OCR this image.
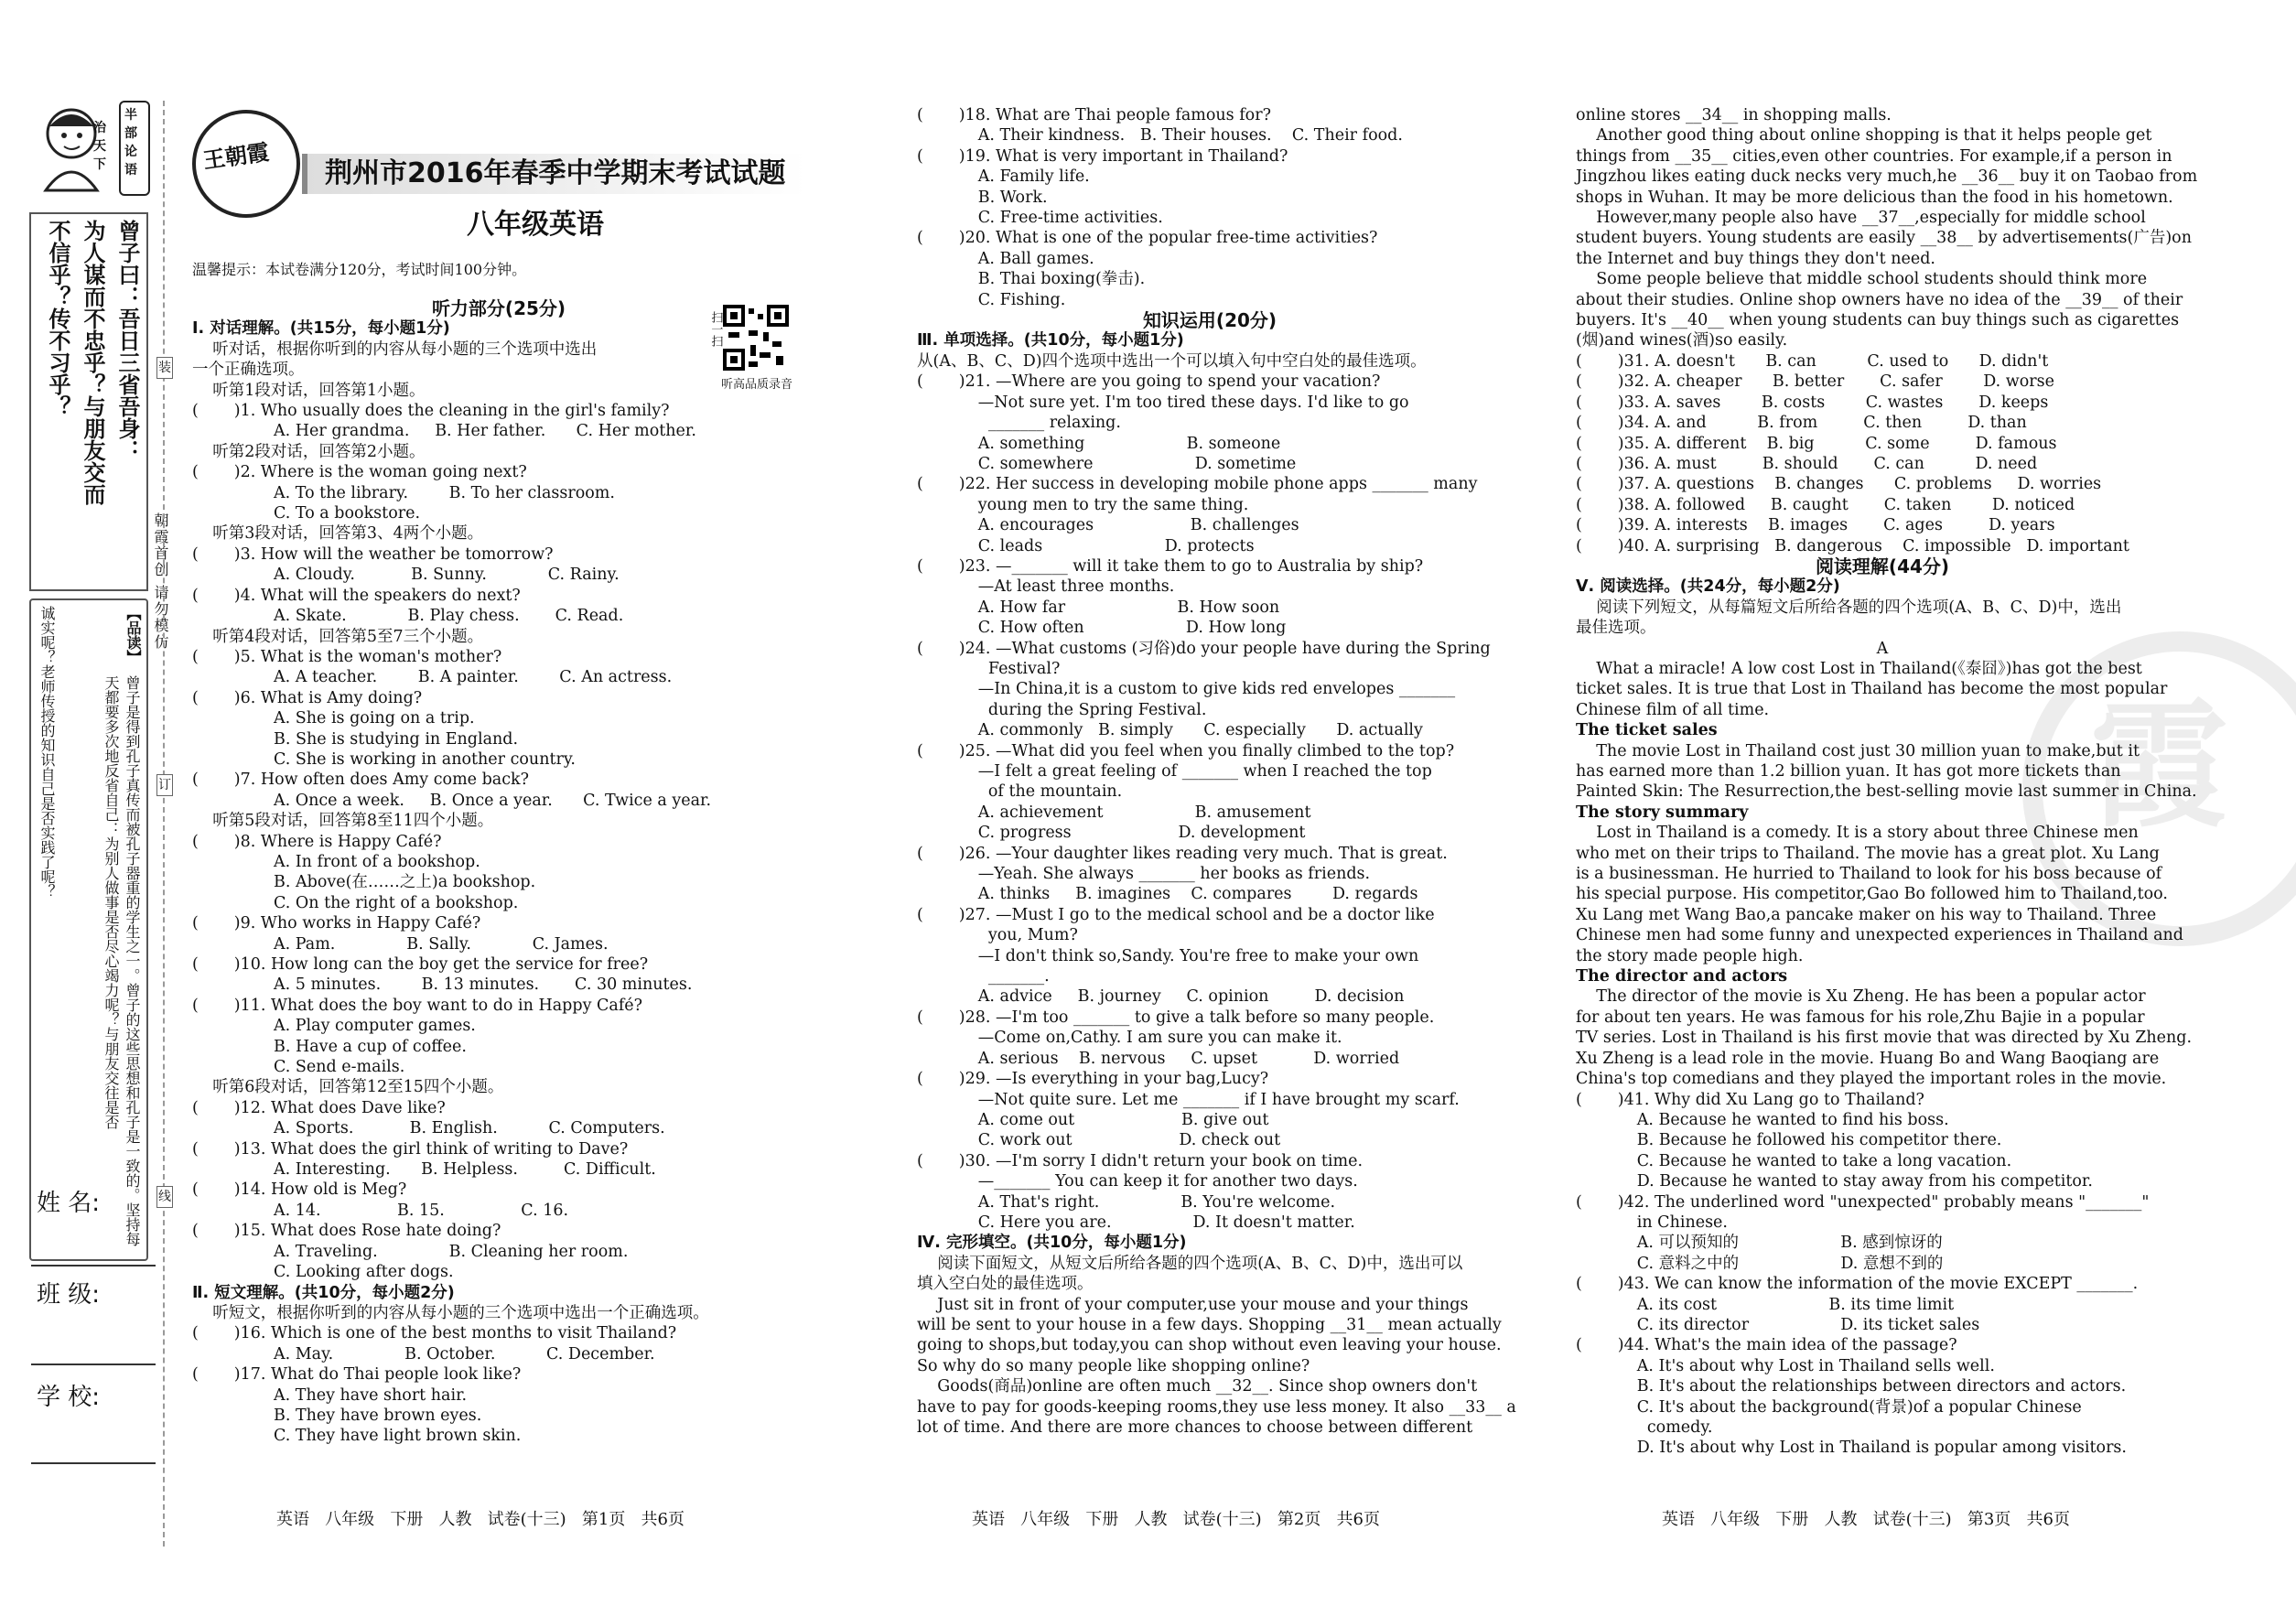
半
部
论
语
治
天
下
曾子曰：吾日三省吾身：
为人谋而不忠乎？与朋友交而
不信乎？传不习乎？
【品读】
曾子是得到孔子真传而被孔子器重的学生之一。曾子的这些思想和孔子是一致的。坚持每天都要多次地反省自己：为别人做事是否尽心竭力呢？与朋友交往是否
诚实呢？老师传授的知识自己是否实践了呢？
姓 名:
班 级:
学 校:
朝霞首创 请勿模仿
装
订
线
王朝霞 荆州市2016年春季中学期末考试试题
八年级英语
温馨提示：本试卷满分120分，考试时间100分钟。
扫一扫
听高品质录音
霞
听力部分(25分)
Ⅰ. 对话理解。(共15分，每小题1分)
听对话，根据你听到的内容从每小题的三个选项中选出
一个正确选项。
听第1段对话，回答第1小题。
(       )1. Who usually does the cleaning in the girl's family?
A. Her grandma.     B. Her father.      C. Her mother.
听第2段对话，回答第2小题。
(       )2. Where is the woman going next?
A. To the library.        B. To her classroom.
C. To a bookstore.
听第3段对话，回答第3、4两个小题。
(       )3. How will the weather be tomorrow?
A. Cloudy.           B. Sunny.            C. Rainy.
(       )4. What will the speakers do next?
A. Skate.            B. Play chess.       C. Read.
听第4段对话，回答第5至7三个小题。
(       )5. What is the woman's mother?
A. A teacher.        B. A painter.        C. An actress.
(       )6. What is Amy doing?
A. She is going on a trip.
B. She is studying in England.
C. She is working in another country.
(       )7. How often does Amy come back?
A. Once a week.     B. Once a year.      C. Twice a year.
听第5段对话，回答第8至11四个小题。
(       )8. Where is Happy Café?
A. In front of a bookshop.
B. Above(在……之上)a bookshop.
C. On the right of a bookshop.
(       )9. Who works in Happy Café?
A. Pam.              B. Sally.            C. James.
(       )10. How long can the boy get the service for free?
A. 5 minutes.        B. 13 minutes.       C. 30 minutes.
(       )11. What does the boy want to do in Happy Café?
A. Play computer games.
B. Have a cup of coffee.
C. Send e-mails.
听第6段对话，回答第12至15四个小题。
(       )12. What does Dave like?
A. Sports.           B. English.          C. Computers.
(       )13. What does the girl think of writing to Dave?
A. Interesting.      B. Helpless.         C. Difficult.
(       )14. How old is Meg?
A. 14.               B. 15.               C. 16.
(       )15. What does Rose hate doing?
A. Traveling.              B. Cleaning her room.
C. Looking after dogs.
Ⅱ. 短文理解。(共10分，每小题2分)
听短文，根据你听到的内容从每小题的三个选项中选出一个正确选项。
(       )16. Which is one of the best months to visit Thailand?
A. May.              B. October.          C. December.
(       )17. What do Thai people look like?
A. They have short hair.
B. They have brown eyes.
C. They have light brown skin.
(       )18. What are Thai people famous for?
A. Their kindness.   B. Their houses.    C. Their food.
(       )19. What is very important in Thailand?
A. Family life.
B. Work.
C. Free-time activities.
(       )20. What is one of the popular free-time activities?
A. Ball games.
B. Thai boxing(拳击).
C. Fishing.
知识运用(20分)
Ⅲ. 单项选择。(共10分，每小题1分)
从(A、B、C、D)四个选项中选出一个可以填入句中空白处的最佳选项。
(       )21. —Where are you going to spend your vacation?
—Not sure yet. I'm too tired these days. I'd like to go
_______ relaxing.
A. something                    B. someone
C. somewhere                    D. sometime
(       )22. Her success in developing mobile phone apps _______ many
young men to try the same thing.
A. encourages                   B. challenges
C. leads                        D. protects
(       )23. —_______ will it take them to go to Australia by ship?
—At least three months.
A. How far                      B. How soon
C. How often                    D. How long
(       )24. —What customs (习俗)do your people have during the Spring
Festival?
—In China,it is a custom to give kids red envelopes _______
during the Spring Festival.
A. commonly   B. simply      C. especially      D. actually
(       )25. —What did you feel when you finally climbed to the top?
—I felt a great feeling of _______ when I reached the top
of the mountain.
A. achievement                  B. amusement
C. progress                     D. development
(       )26. —Your daughter likes reading very much. That is great.
—Yeah. She always _______ her books as friends.
A. thinks     B. imagines    C. compares        D. regards
(       )27. —Must I go to the medical school and be a doctor like
you, Mum?
—I don't think so,Sandy. You're free to make your own
_______.
A. advice     B. journey     C. opinion         D. decision
(       )28. —I'm too _______ to give a talk before so many people.
—Come on,Cathy. I am sure you can make it.
A. serious    B. nervous     C. upset           D. worried
(       )29. —Is everything in your bag,Lucy?
—Not quite sure. Let me _______ if I have brought my scarf.
A. come out                     B. give out
C. work out                     D. check out
(       )30. —I'm sorry I didn't return your book on time.
—_______ You can keep it for another two days.
A. That's right.                B. You're welcome.
C. Here you are.                D. It doesn't matter.
Ⅳ. 完形填空。(共10分，每小题1分)
阅读下面短文，从短文后所给各题的四个选项(A、B、C、D)中，选出可以
填入空白处的最佳选项。
Just sit in front of your computer,use your mouse and your things
will be sent to your house in a few days. Shopping __31__ mean actually
going to shops,but today,you can shop without even leaving your house.
So why do so many people like shopping online?
Goods(商品)online are often much __32__. Since shop owners don't
have to pay for goods-keeping rooms,they use less money. It also __33__ a
lot of time. And there are more chances to choose between different
online stores __34__ in shopping malls.
Another good thing about online shopping is that it helps people get
things from __35__ cities,even other countries. For example,if a person in
Jingzhou likes eating duck necks very much,he __36__ buy it on Taobao from
shops in Wuhan. It may be more delicious than the food in his hometown.
However,many people also have __37__,especially for middle school
student buyers. Young students are easily __38__ by advertisements(广告)on
the Internet and buy things they don't need.
Some people believe that middle school students should think more
about their studies. Online shop owners have no idea of the __39__ of their
buyers. It's __40__ when young students can buy things such as cigarettes
(烟)and wines(酒)so easily.
(       )31. A. doesn't      B. can          C. used to      D. didn't
(       )32. A. cheaper      B. better       C. safer        D. worse
(       )33. A. saves        B. costs        C. wastes       D. keeps
(       )34. A. and          B. from         C. then         D. than
(       )35. A. different    B. big          C. some         D. famous
(       )36. A. must         B. should       C. can          D. need
(       )37. A. questions    B. changes      C. problems     D. worries
(       )38. A. followed     B. caught       C. taken        D. noticed
(       )39. A. interests    B. images       C. ages         D. years
(       )40. A. surprising   B. dangerous    C. impossible   D. important
阅读理解(44分)
Ⅴ. 阅读选择。(共24分，每小题2分)
阅读下列短文，从每篇短文后所给各题的四个选项(A、B、C、D)中，选出
最佳选项。
A
What a miracle! A low cost Lost in Thailand(《泰囧》)has got the best
ticket sales. It is true that Lost in Thailand has become the most popular
Chinese film of all time.
The ticket sales
The movie Lost in Thailand cost just 30 million yuan to make,but it
has earned more than 1.2 billion yuan. It has got more tickets than
Painted Skin: The Resurrection,the best-selling movie last summer in China.
The story summary
Lost in Thailand is a comedy. It is a story about three Chinese men
who met on their trips to Thailand. The movie has a great plot. Xu Lang
is a businessman. He hurried to Thailand to look for his boss because of
his special purpose. His competitor,Gao Bo followed him to Thailand,too.
Xu Lang met Wang Bao,a pancake maker on his way to Thailand. Three
Chinese men had some funny and unexpected experiences in Thailand and
the story made people high.
The director and actors
The director of the movie is Xu Zheng. He has been a popular actor
for about ten years. He was famous for his role,Zhu Bajie in a popular
TV series. Lost in Thailand is his first movie that was directed by Xu Zheng.
Xu Zheng is a lead role in the movie. Huang Bo and Wang Baoqiang are
China's top comedians and they played the important roles in the movie.
(       )41. Why did Xu Lang go to Thailand?
A. Because he wanted to find his boss.
B. Because he followed his competitor there.
C. Because he wanted to take a long vacation.
D. Because he wanted to stay away from his competitor.
(       )42. The underlined word "unexpected" probably means "_______"
in Chinese.
A. 可以预知的                    B. 感到惊讶的
C. 意料之中的                    D. 意想不到的
(       )43. We can know the information of the movie EXCEPT _______.
A. its cost                      B. its time limit
C. its director                  D. its ticket sales
(       )44. What's the main idea of the passage?
A. It's about why Lost in Thailand sells well.
B. It's about the relationships between directors and actors.
C. It's about the background(背景)of a popular Chinese
comedy.
D. It's about why Lost in Thailand is popular among visitors.
英语   八年级   下册   人教   试卷(十三)   第1页   共6页	英语   八年级   下册   人教   试卷(十三)   第2页   共6页	英语   八年级   下册   人教   试卷(十三)   第3页   共6页
